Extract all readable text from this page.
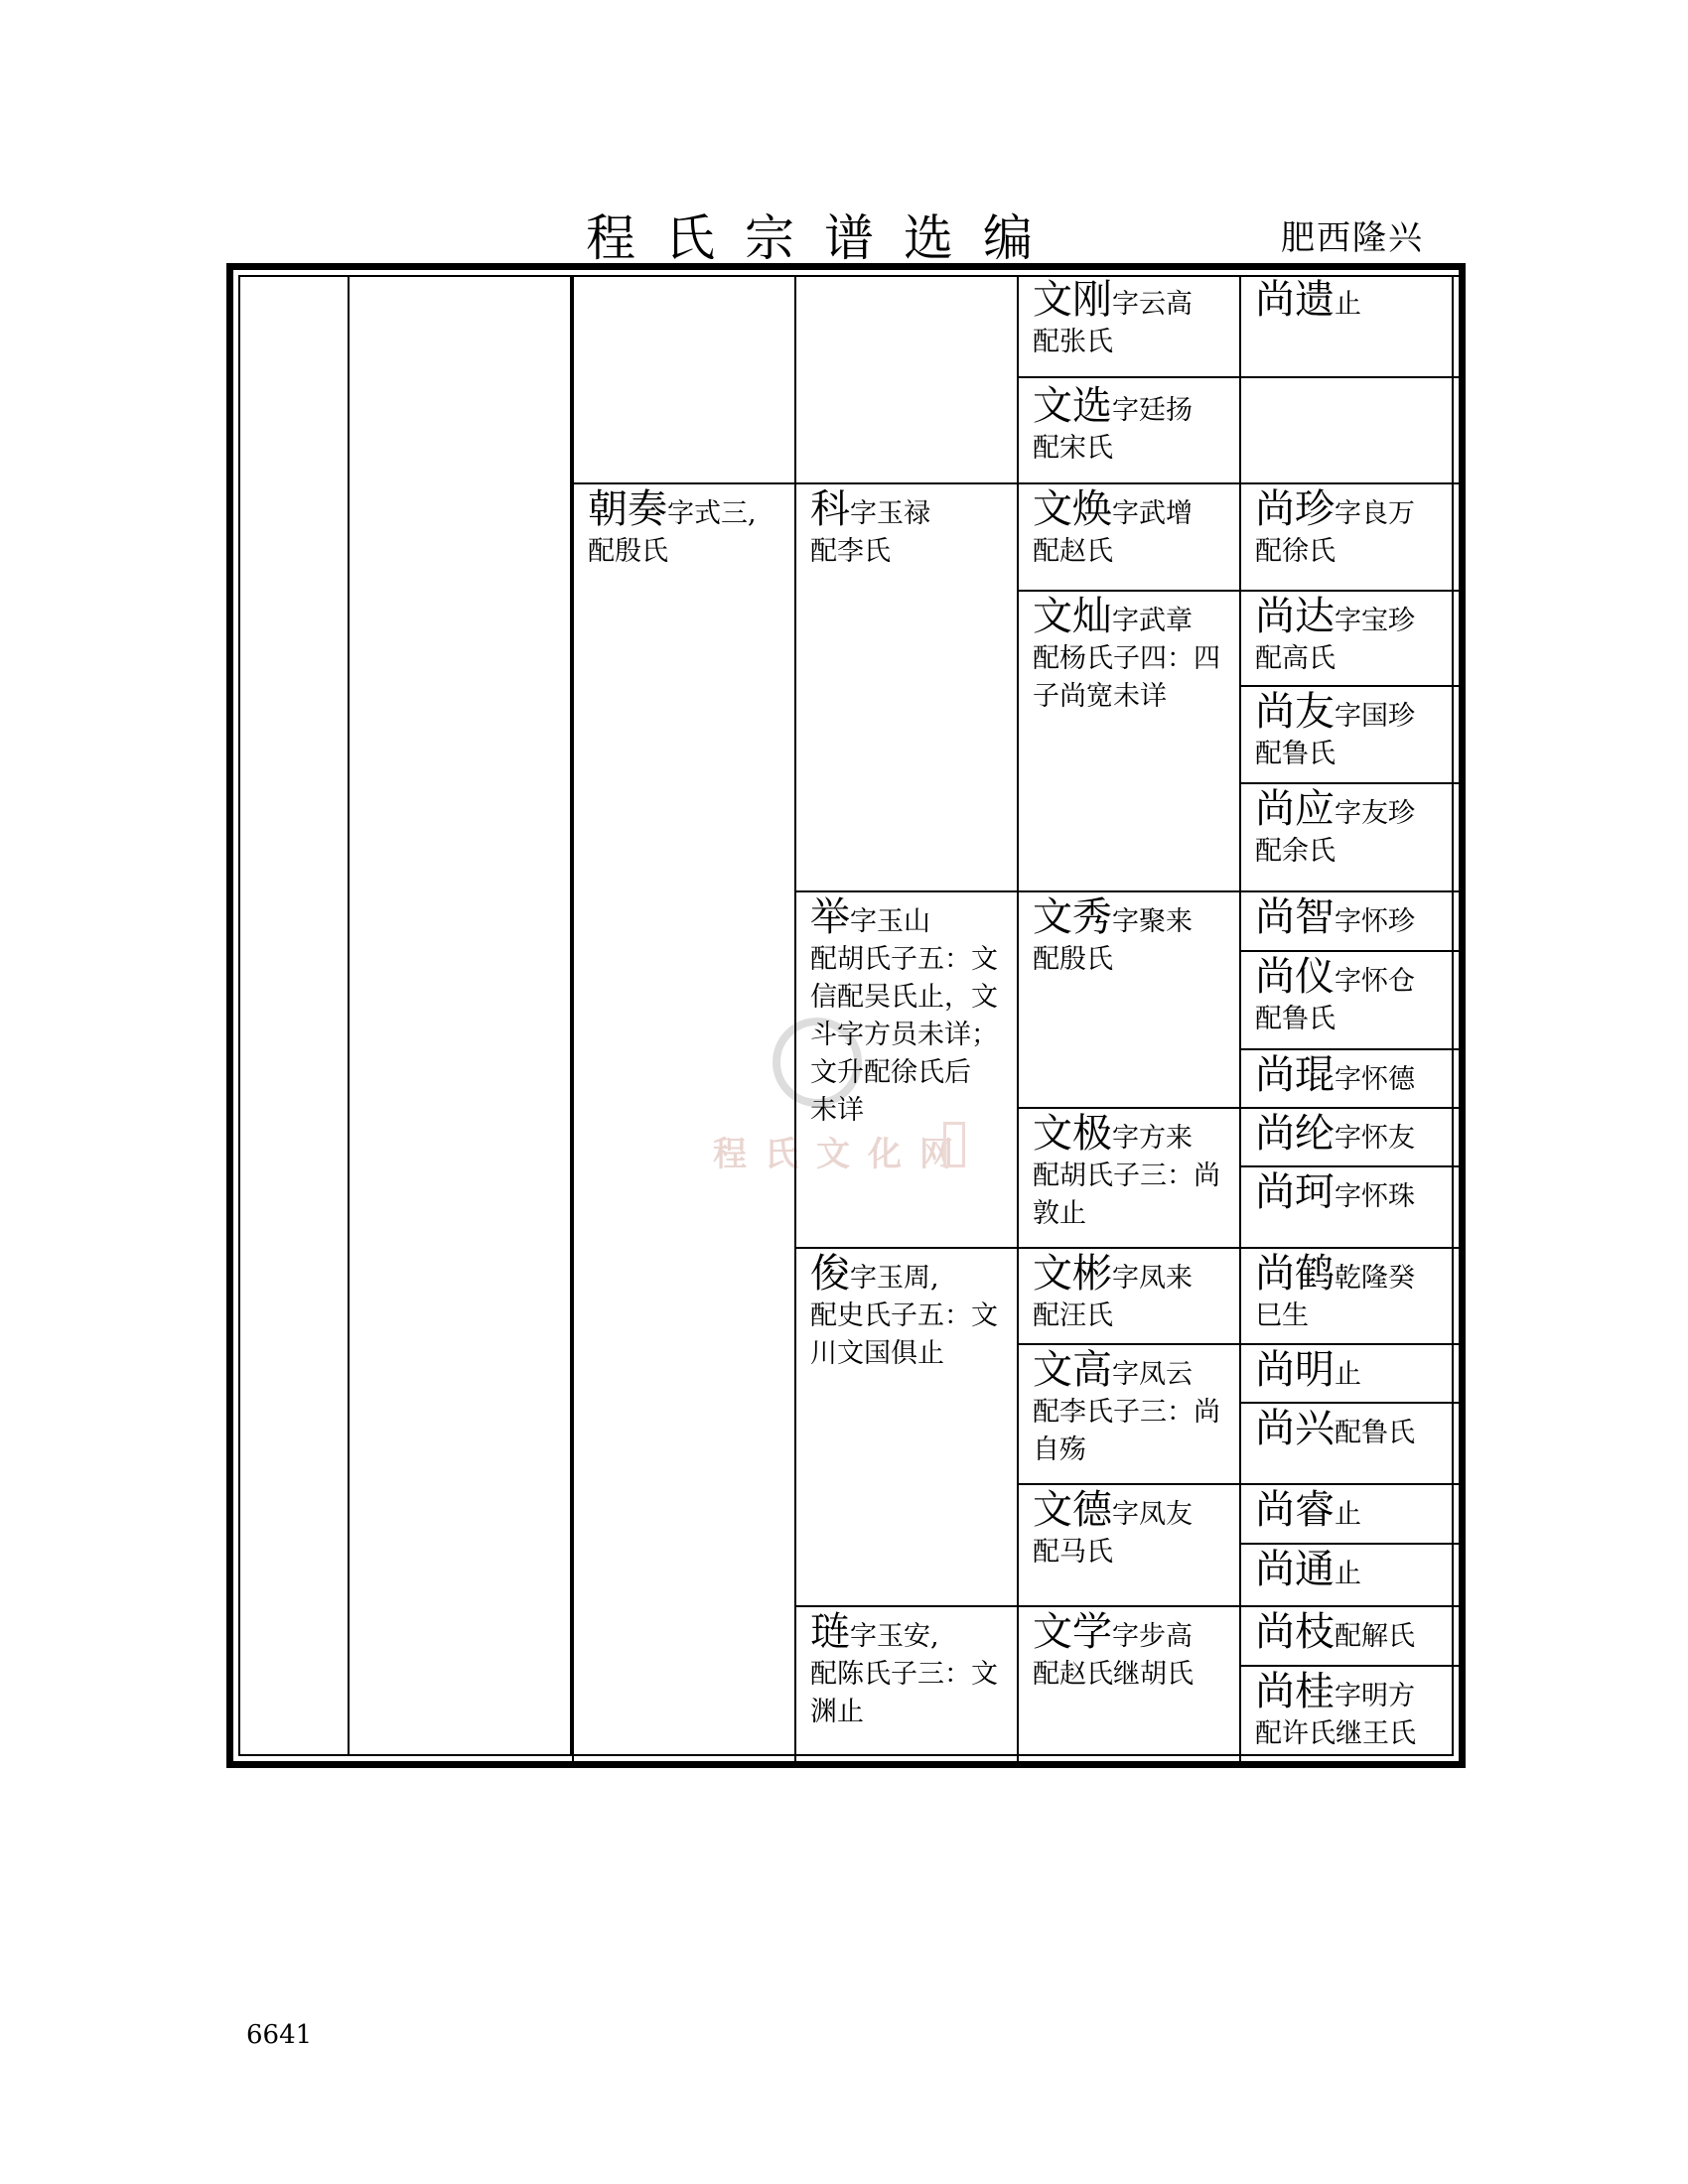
程氏宗谱选编	肥西隆兴
程氏文化网
朝奏字式三,
配殷氏
科字玉禄
配李氏
举字玉山
配胡氏子五：文
信配吴氏止，文
斗字方员未详；
文升配徐氏后
未详
俊字玉周,
配史氏子五：文
川文国俱止
琏字玉安,
配陈氏子三：文
渊止
文刚字云高
配张氏
文选字廷扬
配宋氏
文焕字武增
配赵氏
文灿字武章
配杨氏子四：四
子尚宽未详
文秀字聚来
配殷氏
文极字方来
配胡氏子三：尚
敦止
文彬字凤来
配汪氏
文高字凤云
配李氏子三：尚
自殇
文德字凤友
配马氏
文学字步高
配赵氏继胡氏
尚遗止
尚珍字良万
配徐氏
尚达字宝珍
配高氏
尚友字国珍
配鲁氏
尚应字友珍
配余氏
尚智字怀珍
尚仪字怀仓
配鲁氏
尚琨字怀德
尚纶字怀友
尚珂字怀珠
尚鹤乾隆癸
巳生
尚明止
尚兴配鲁氏
尚睿止
尚通止
尚枝配解氏
尚桂字明方
配许氏继王氏
6641
